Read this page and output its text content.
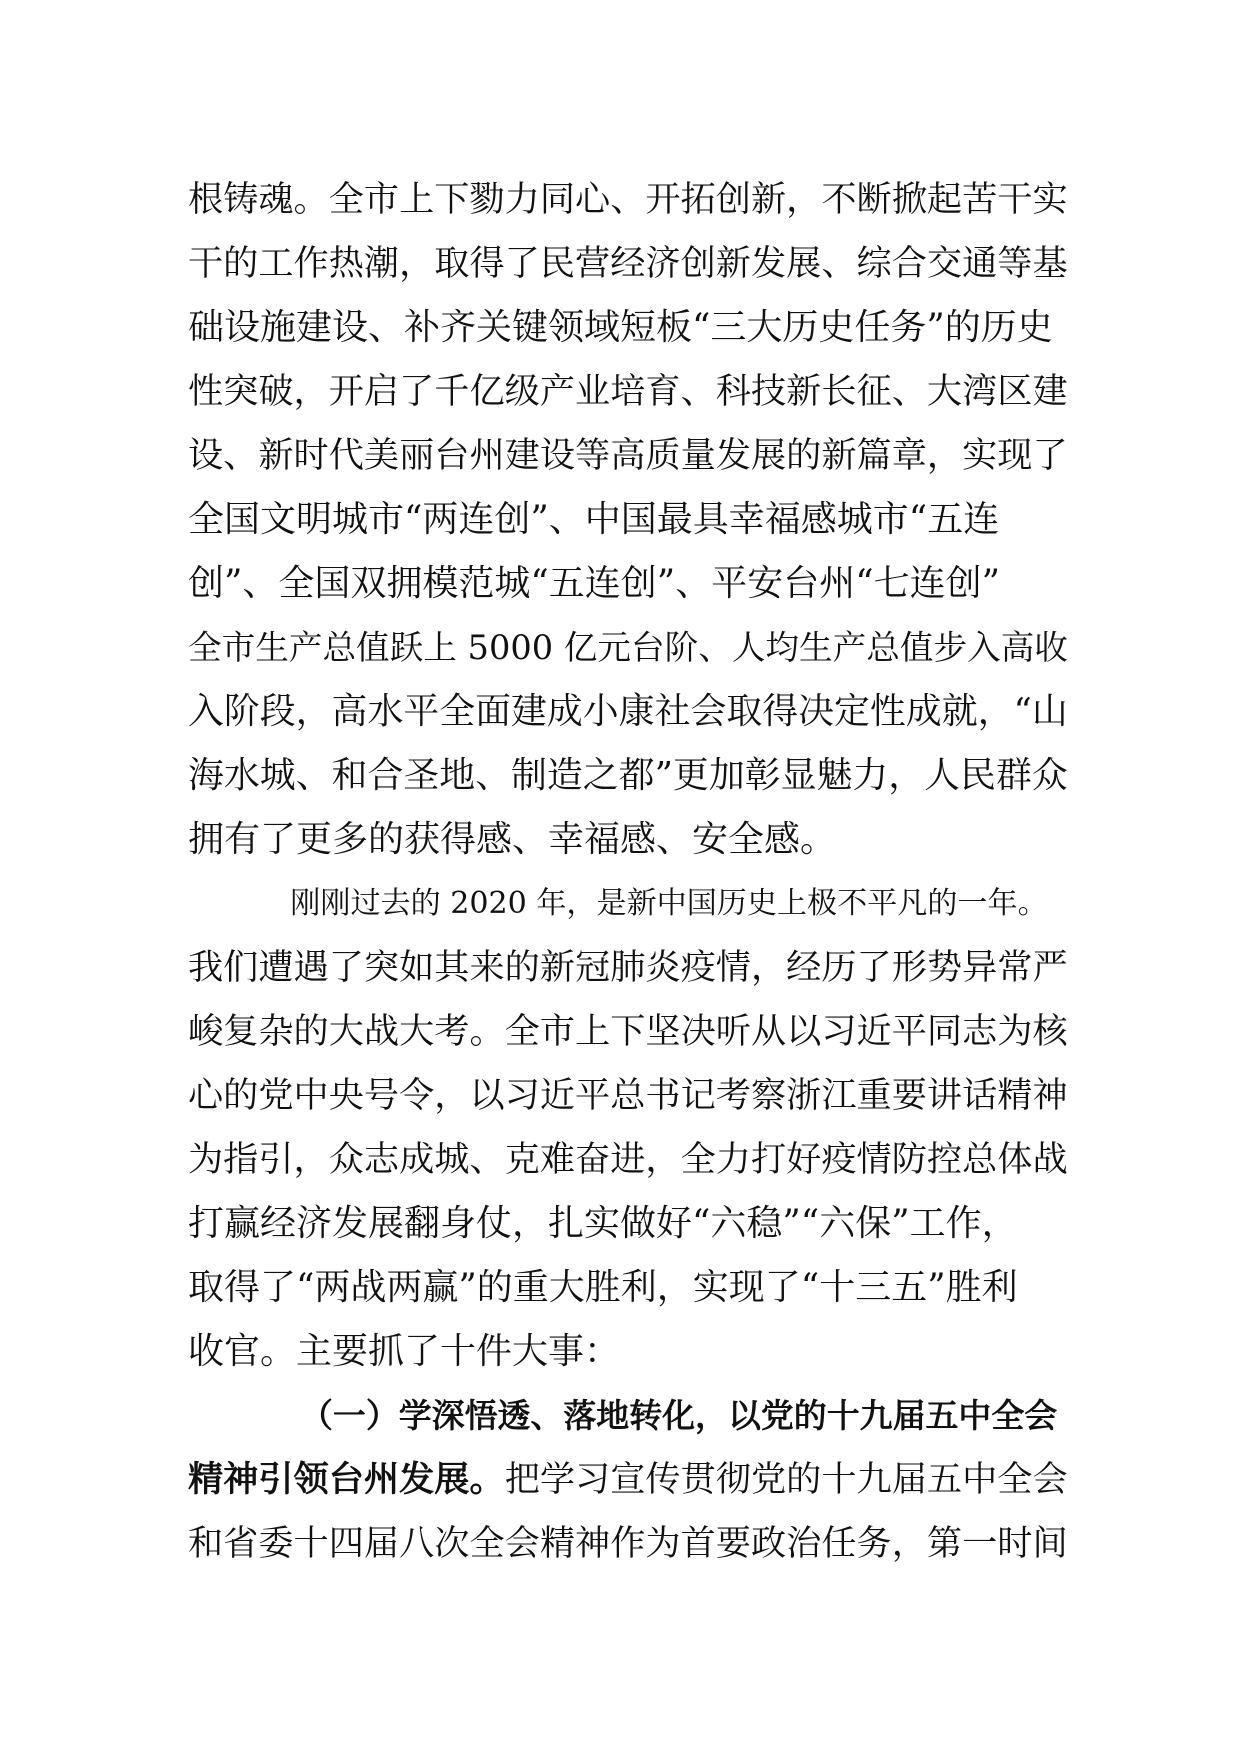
根铸魂。全市上下勠力同心、开拓创新，不断掀起苦干实
干的工作热潮，取得了民营经济创新发展、综合交通等基
础设施建设、补齐关键领域短板“三大历史任务”的历史
性突破，开启了千亿级产业培育、科技新长征、大湾区建
设、新时代美丽台州建设等高质量发展的新篇章，实现了
全国文明城市“两连创”、中国最具幸福感城市“五连
创”、全国双拥模范城“五连创”、平安台州“七连创”
全市生产总值跃上 5000 亿元台阶、人均生产总值步入高收
入阶段，高水平全面建成小康社会取得决定性成就，“山
海水城、和合圣地、制造之都”更加彰显魅力，人民群众
拥有了更多的获得感、幸福感、安全感。
刚刚过去的 2020 年，是新中国历史上极不平凡的一年。
我们遭遇了突如其来的新冠肺炎疫情，经历了形势异常严
峻复杂的大战大考。全市上下坚决听从以习近平同志为核
心的党中央号令，以习近平总书记考察浙江重要讲话精神
为指引，众志成城、克难奋进，全力打好疫情防控总体战
打赢经济发展翻身仗，扎实做好“六稳”“六保”工作，
取得了“两战两赢”的重大胜利，实现了“十三五”胜利
收官。主要抓了十件大事：
（一）学深悟透、落地转化，以党的十九届五中全会
精神引领台州发展。把学习宣传贯彻党的十九届五中全会
和省委十四届八次全会精神作为首要政治任务，第一时间
